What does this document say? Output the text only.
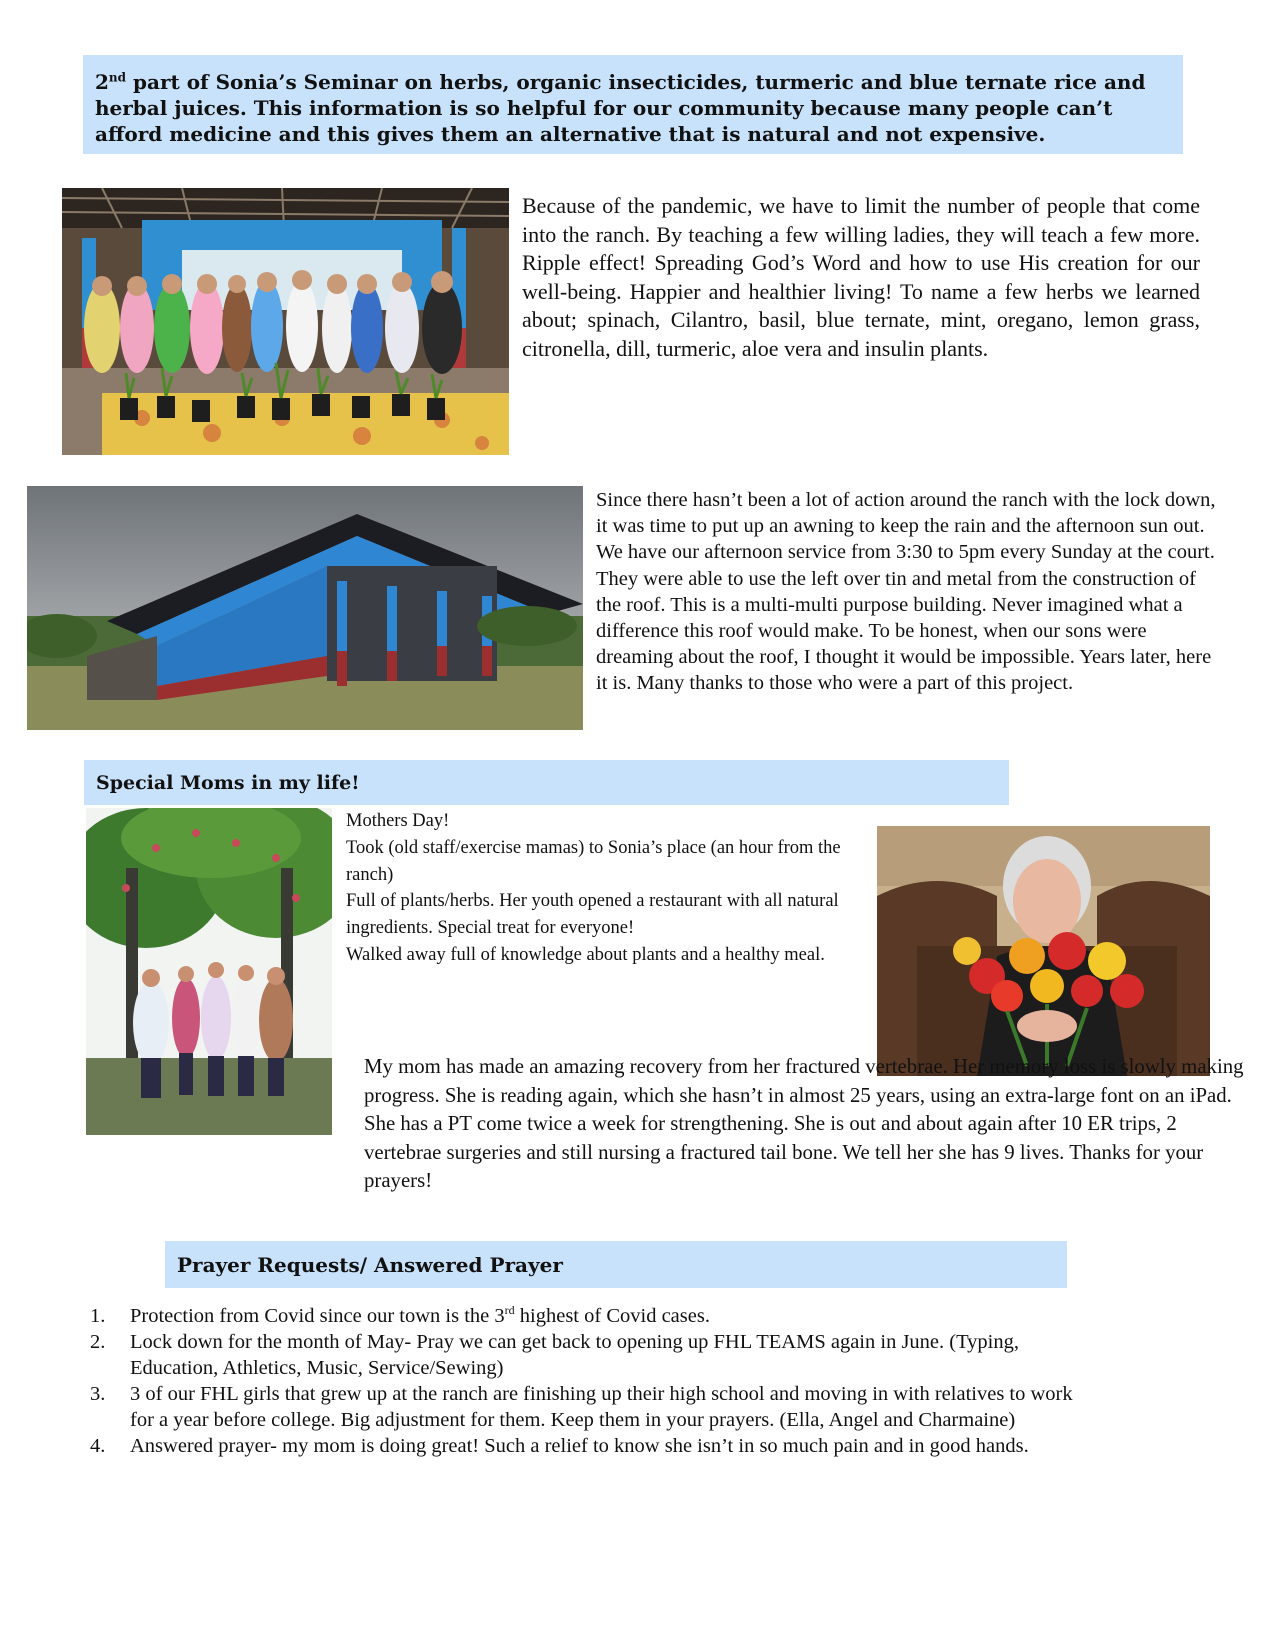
2nd part of Sonia’s Seminar on herbs, organic insecticides, turmeric and blue ternate rice and herbal juices. This information is so helpful for our community because many people can’t afford medicine and this gives them an alternative that is natural and not expensive.
Because of the pandemic, we have to limit the number of people that come into the ranch. By teaching a few willing ladies, they will teach a few more. Ripple effect! Spreading God’s Word and how to use His creation for our well-being. Happier and healthier living! To name a few herbs we learned about; spinach, Cilantro, basil, blue ternate, mint, oregano, lemon grass, citronella, dill, turmeric, aloe vera and insulin plants.
Since there hasn’t been a lot of action around the ranch with the lock down, it was time to put up an awning to keep the rain and the afternoon sun out. We have our afternoon service from 3:30 to 5pm every Sunday at the court. They were able to use the left over tin and metal from the construction of the roof. This is a multi-multi purpose building. Never imagined what a difference this roof would make. To be honest, when our sons were dreaming about the roof, I thought it would be impossible. Years later, here it is. Many thanks to those who were a part of this project.
Special Moms in my life!
Mothers Day!
Took (old staff/exercise mamas) to Sonia’s place (an hour from the ranch)
Full of plants/herbs. Her youth opened a restaurant with all natural ingredients. Special treat for everyone!
Walked away full of knowledge about plants and a healthy meal.
My mom has made an amazing recovery from her fractured vertebrae. Her memory loss is slowly making progress. She is reading again, which she hasn’t in almost 25 years, using an extra-large font on an iPad. She has a PT come twice a week for strengthening. She is out and about again after 10 ER trips, 2 vertebrae surgeries and still nursing a fractured tail bone. We tell her she has 9 lives. Thanks for your prayers!
Prayer Requests/ Answered Prayer
1. Protection from Covid since our town is the 3rd highest of Covid cases.
2. Lock down for the month of May- Pray we can get back to opening up FHL TEAMS again in June. (Typing, Education, Athletics, Music, Service/Sewing)
3. 3 of our FHL girls that grew up at the ranch are finishing up their high school and moving in with relatives to work for a year before college. Big adjustment for them. Keep them in your prayers. (Ella, Angel and Charmaine)
4. Answered prayer- my mom is doing great! Such a relief to know she isn’t in so much pain and in good hands.
